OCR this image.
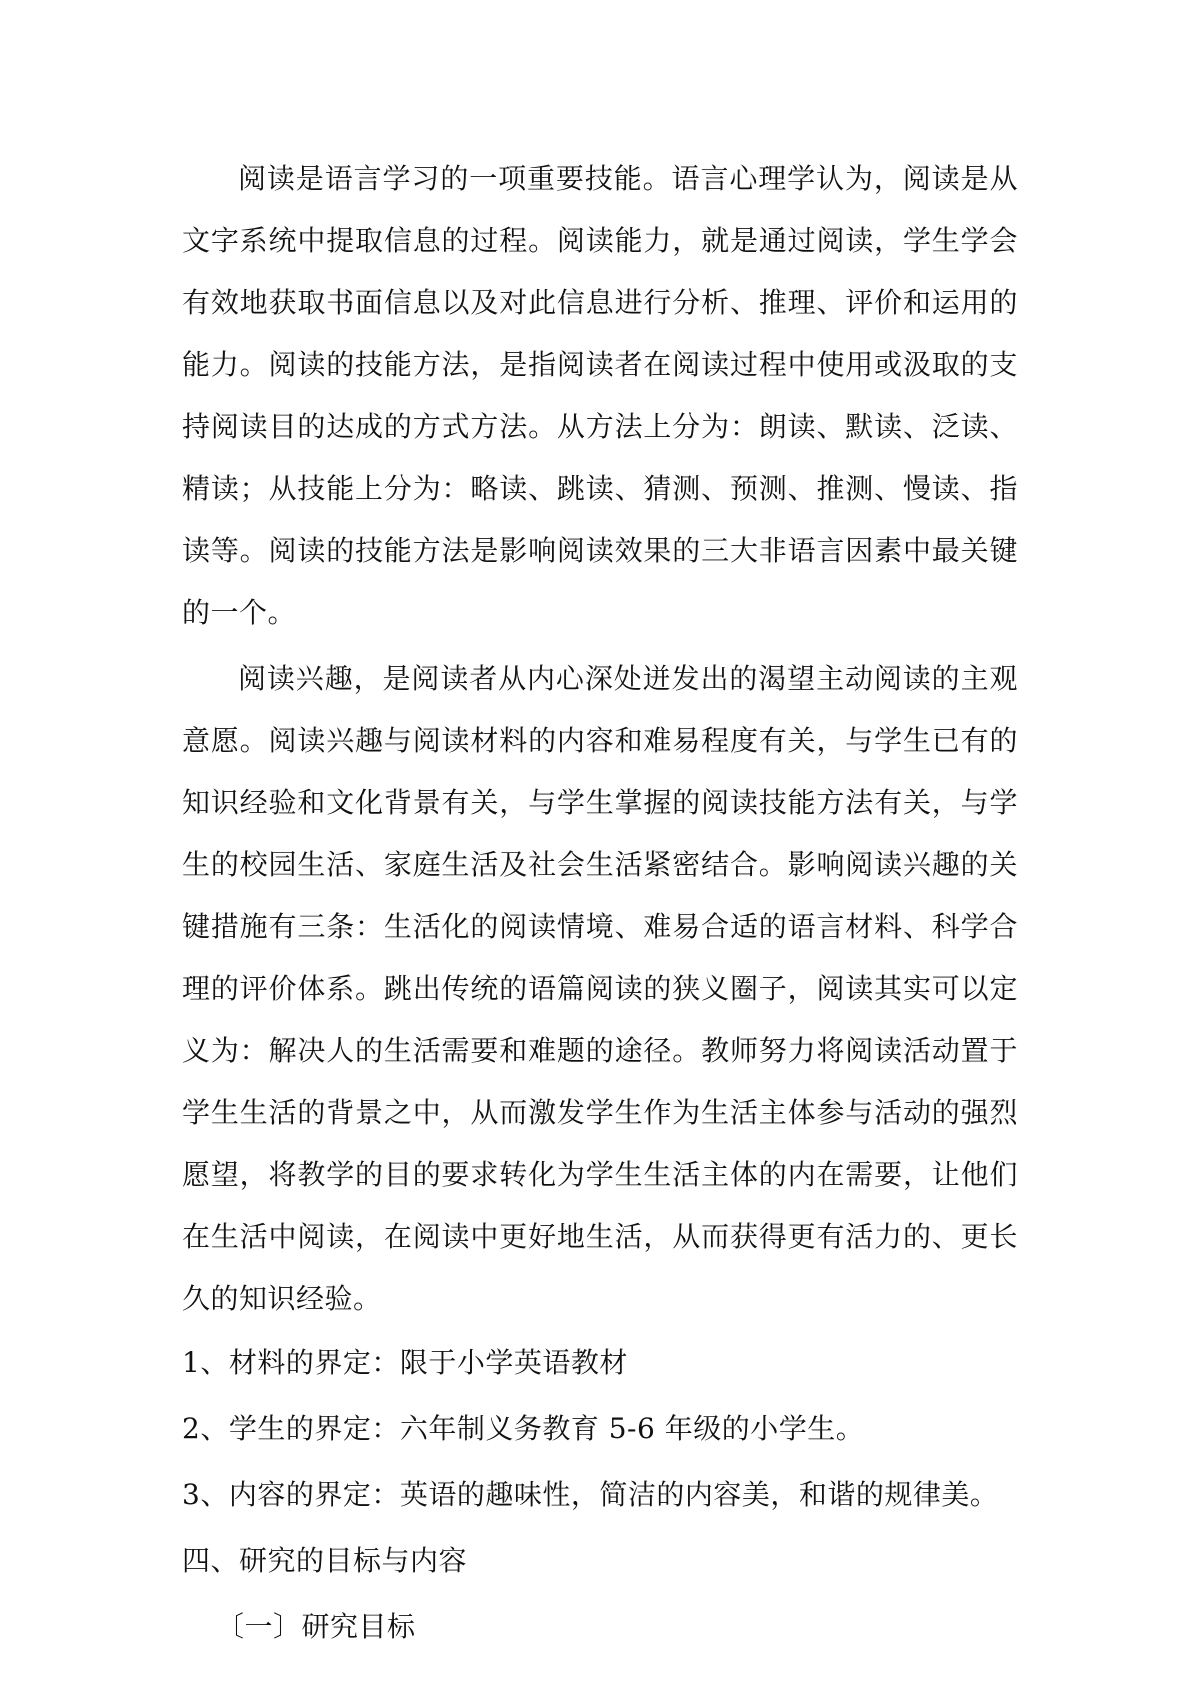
阅读是语言学习的一项重要技能。语言心理学认为，阅读是从文字系统中提取信息的过程。阅读能力，就是通过阅读，学生学会有效地获取书面信息以及对此信息进行分析、推理、评价和运用的能力。阅读的技能方法，是指阅读者在阅读过程中使用或汲取的支持阅读目的达成的方式方法。从方法上分为：朗读、默读、泛读、精读；从技能上分为：略读、跳读、猜测、预测、推测、慢读、指读等。阅读的技能方法是影响阅读效果的三大非语言因素中最关键的一个。

阅读兴趣，是阅读者从内心深处迸发出的渴望主动阅读的主观意愿。阅读兴趣与阅读材料的内容和难易程度有关，与学生已有的知识经验和文化背景有关，与学生掌握的阅读技能方法有关，与学生的校园生活、家庭生活及社会生活紧密结合。影响阅读兴趣的关键措施有三条：生活化的阅读情境、难易合适的语言材料、科学合理的评价体系。跳出传统的语篇阅读的狭义圈子，阅读其实可以定义为：解决人的生活需要和难题的途径。教师努力将阅读活动置于学生生活的背景之中，从而激发学生作为生活主体参与活动的强烈愿望，将教学的目的要求转化为学生生活主体的内在需要，让他们在生活中阅读，在阅读中更好地生活，从而获得更有活力的、更长久的知识经验。

1、材料的界定：限于小学英语教材

2、学生的界定：六年制义务教育 5-6 年级的小学生。

3、内容的界定：英语的趣味性，简洁的内容美，和谐的规律美。

四、研究的目标与内容

〔一〕研究目标
